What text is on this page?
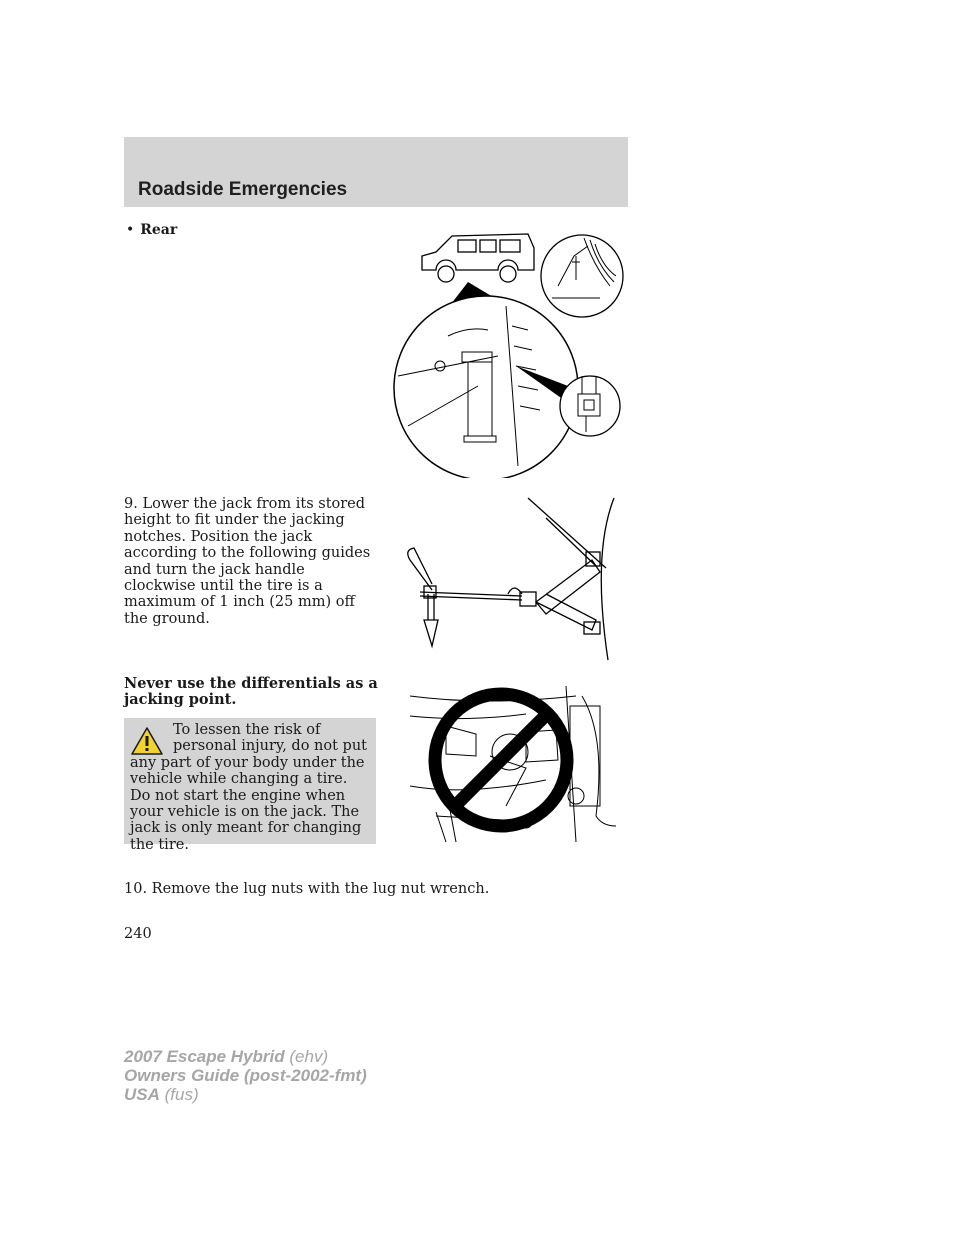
Roadside Emergencies
• Rear
9. Lower the jack from its stored height to fit under the jacking notches. Position the jack according to the following guides and turn the jack handle clockwise until the tire is a maximum of 1 inch (25 mm) off the ground.
Never use the differentials as a jacking point.
To lessen the risk of personal injury, do not put any part of your body under the vehicle while changing a tire. Do not start the engine when your vehicle is on the jack. The jack is only meant for changing the tire.
10. Remove the lug nuts with the lug nut wrench.
240
2007 Escape Hybrid (ehv)
Owners Guide (post-2002-fmt)
USA (fus)
